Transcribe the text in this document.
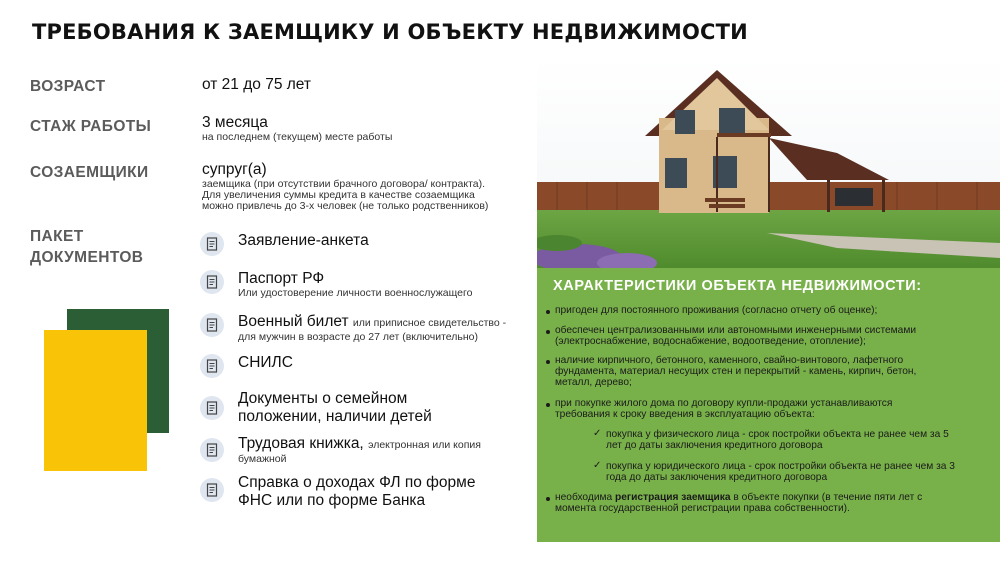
ТРЕБОВАНИЯ К ЗАЕМЩИКУ И ОБЪЕКТУ НЕДВИЖИМОСТИ
ВОЗРАСТ	от 21 до 75 лет
СТАЖ РАБОТЫ	3 месяца
на последнем (текущем) месте работы
СОЗАЕМЩИКИ	супруг(а)
заемщика (при отсутствии брачного договора/ контракта).
Для увеличения суммы кредита в качестве созаемщика
можно привлечь до 3-х человек (не только родственников)
ПАКЕТ
ДОКУМЕНТОВ
Заявление-анкета
Паспорт РФ
Или удостоверение личности военнослужащего
Военный билет или приписное свидетельство -
для мужчин в возрасте до 27 лет (включительно)
СНИЛС
Документы о семейном
положении, наличии детей
Трудовая книжка, электронная или копия
бумажной
Справка о доходах ФЛ по форме
ФНС или по форме Банка
ХАРАКТЕРИСТИКИ ОБЪЕКТА НЕДВИЖИМОСТИ:
пригоден для постоянного проживания (согласно отчету об оценке);
обеспечен централизованными или автономными инженерными системами
(электроснабжение, водоснабжение, водоотведение, отопление);
наличие кирпичного, бетонного, каменного, свайно-винтового, лафетного
фундамента, материал несущих стен и перекрытий - камень, кирпич, бетон,
металл, дерево;
при покупке жилого дома по договору купли-продажи устанавливаются
требования к сроку введения в эксплуатацию объекта:
✓ покупка у физического лица - срок постройки объекта не ранее чем за 5
лет до даты заключения кредитного договора
✓ покупка у юридического лица - срок постройки объекта не ранее чем за 3
года до даты заключения кредитного договора
необходима регистрация заемщика в объекте покупки (в течение пяти лет с
момента государственной регистрации права собственности).
